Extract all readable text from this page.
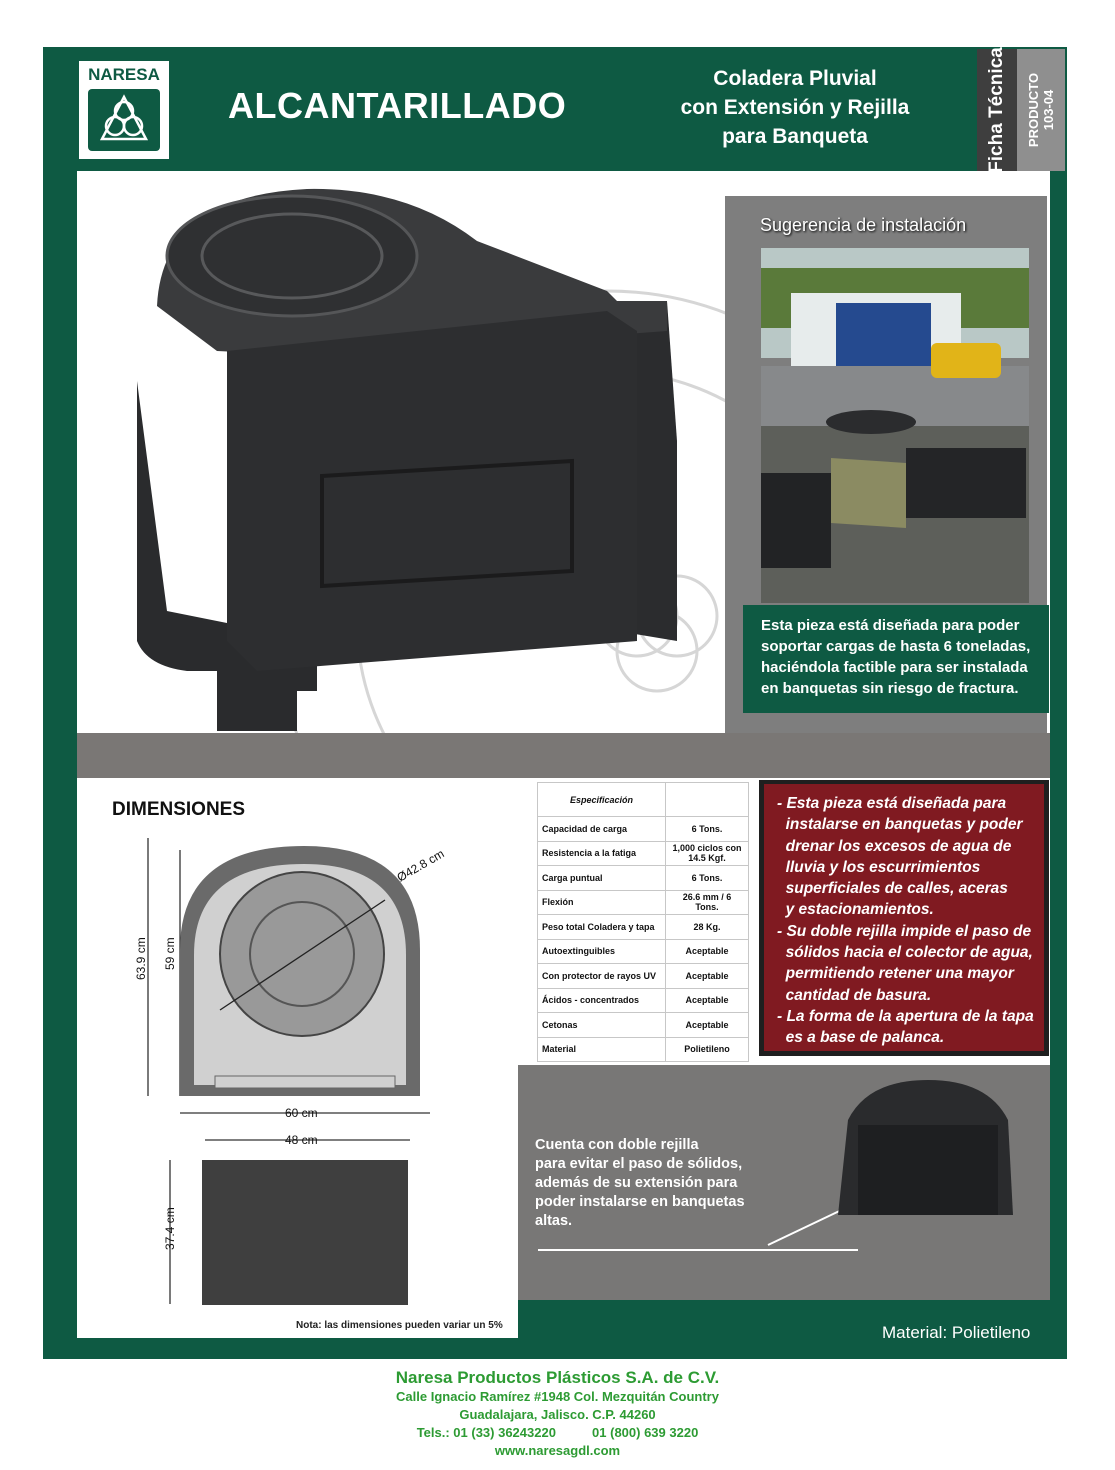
NARESA
ALCANTARILLADO
Coladera Pluvial
con Extensión y Rejilla
para Banqueta	Ficha Técnica PRODUCTO 103-04
Sugerencia de instalación
Esta pieza está diseñada para poder
soportar cargas de hasta 6 toneladas,
haciéndola factible para ser instalada
en banquetas sin riesgo de fractura.
DIMENSIONES
63.9 cm 59 cm
60 cm
48 cm
37.4 cm
Ø42.8 cm
Nota: las dimensiones pueden variar un 5%
Especificación	
Capacidad de carga	6 Tons.
Resistencia a la fatiga	1,000 ciclos con 14.5 Kgf.
Carga puntual	6 Tons.
Flexión	26.6 mm / 6 Tons.
Peso total Coladera y tapa	28 Kg.
Autoextinguibles	Aceptable
Con protector de rayos UV	Aceptable
Ácidos - concentrados	Aceptable
Cetonas	Aceptable
Material	Polietileno
- Esta pieza está diseñada para
instalarse en banquetas y poder
drenar los excesos de agua de
lluvia y los escurrimientos
superficiales de calles, aceras
y estacionamientos.
- Su doble rejilla impide el paso de
sólidos hacia el colector de agua,
permitiendo retener una mayor
cantidad de basura.
- La forma de la apertura de la tapa
es a base de palanca.
Cuenta con doble rejilla
para evitar el paso de sólidos,
además de su extensión para
poder instalarse en banquetas
altas.
Material: Polietileno
Naresa Productos Plásticos S.A. de C.V.
Calle Ignacio Ramírez #1948 Col. Mezquitán Country
Guadalajara, Jalisco. C.P. 44260
Tels.: 01 (33) 36243220          01 (800) 639 3220
www.naresagdl.com
